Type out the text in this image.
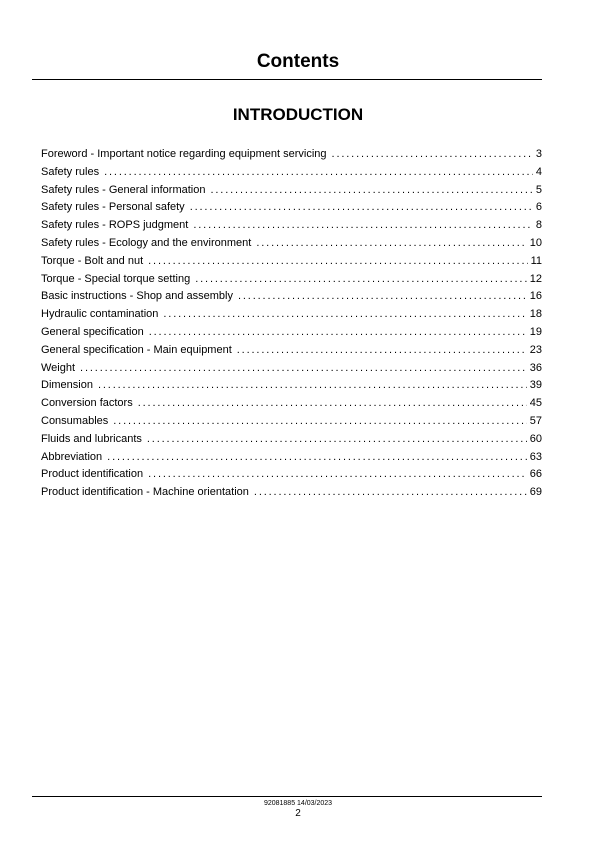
Contents
INTRODUCTION
Foreword - Important notice regarding equipment servicing . . .	3
Safety rules . . .	4
Safety rules - General information . . .	5
Safety rules - Personal safety . . .	6
Safety rules - ROPS judgment . . .	8
Safety rules - Ecology and the environment . . .	10
Torque - Bolt and nut . . .	11
Torque - Special torque setting . . .	12
Basic instructions - Shop and assembly . . .	16
Hydraulic contamination . . .	18
General specification . . .	19
General specification - Main equipment . . .	23
Weight . . .	36
Dimension . . .	39
Conversion factors . . .	45
Consumables . . .	57
Fluids and lubricants . . .	60
Abbreviation . . .	63
Product identification . . .	66
Product identification - Machine orientation . . .	69
92081885 14/03/2023
2
